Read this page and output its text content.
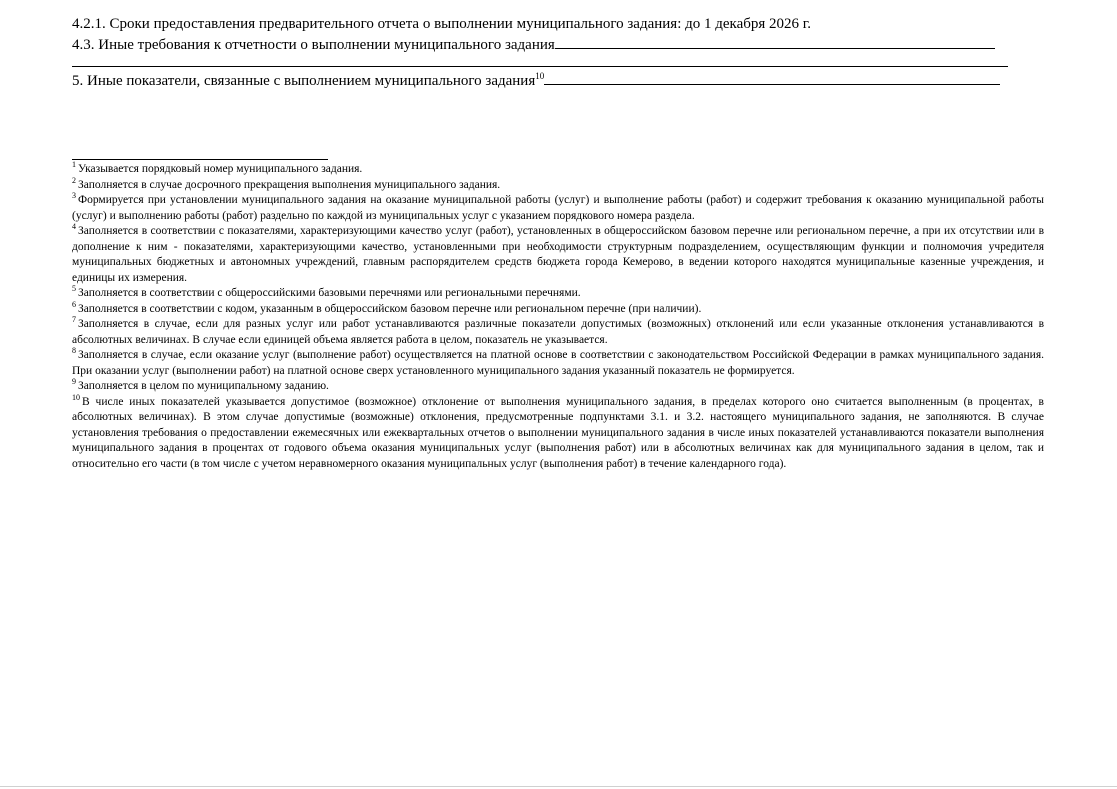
4.2.1. Сроки предоставления предварительного отчета о выполнении муниципального задания: до 1 декабря 2026 г.
4.3. Иные требования к отчетности о выполнении муниципального задания
5. Иные показатели, связанные с выполнением муниципального задания$^{10}$

$^1$ Указывается порядковый номер муниципального задания.

$^2$ Заполняется в случае досрочного прекращения выполнения муниципального задания.

$^3$ Формируется при установлении муниципального задания на оказание муниципальной работы (услуг) и выполнение работы (работ) и содержит требования к оказанию муниципальной работы (услуг) и выполнению работы (работ) раздельно по каждой из муниципальных услуг с указанием порядкового номера раздела.

$^4$ Заполняется в соответствии с показателями, характеризующими качество услуг (работ), установленных в общероссийском базовом перечне или региональном перечне, а при их отсутствии или в дополнение к ним - показателями, характеризующими качество, установленными при необходимости структурным подразделением, осуществляющим функции и полномочия учредителя муниципальных бюджетных и автономных учреждений, главным распорядителем средств бюджета города Кемерово, в ведении которого находятся муниципальные казенные учреждения, и единицы их измерения.

$^5$ Заполняется в соответствии с общероссийскими базовыми перечнями или региональными перечнями.

$^6$ Заполняется в соответствии с кодом, указанным в общероссийском базовом перечне или региональном перечне (при наличии).

$^7$ Заполняется в случае, если для разных услуг или работ устанавливаются различные показатели допустимых (возможных) отклонений или если указанные отклонения устанавливаются в абсолютных величинах. В случае если единицей объема является работа в целом, показатель не указывается.

$^8$ Заполняется в случае, если оказание услуг (выполнение работ) осуществляется на платной основе в соответствии с законодательством Российской Федерации в рамках муниципального задания. При оказании услуг (выполнении работ) на платной основе сверх установленного муниципального задания указанный показатель не формируется.

$^9$ Заполняется в целом по муниципальному заданию.

$^{10}$ В числе иных показателей указывается допустимое (возможное) отклонение от выполнения муниципального задания, в пределах которого оно считается выполненным (в процентах, в абсолютных величинах). В этом случае допустимые (возможные) отклонения, предусмотренные подпунктами 3.1. и 3.2. настоящего муниципального задания, не заполняются. В случае установления требования о предоставлении ежемесячных или ежеквартальных отчетов о выполнении муниципального задания в числе иных показателей устанавливаются показатели выполнения муниципального задания в процентах от годового объема оказания муниципальных услуг (выполнения работ) или в абсолютных величинах как для муниципального задания в целом, так и относительно его части (в том числе с учетом неравномерного оказания муниципальных услуг (выполнения работ) в течение календарного года).
